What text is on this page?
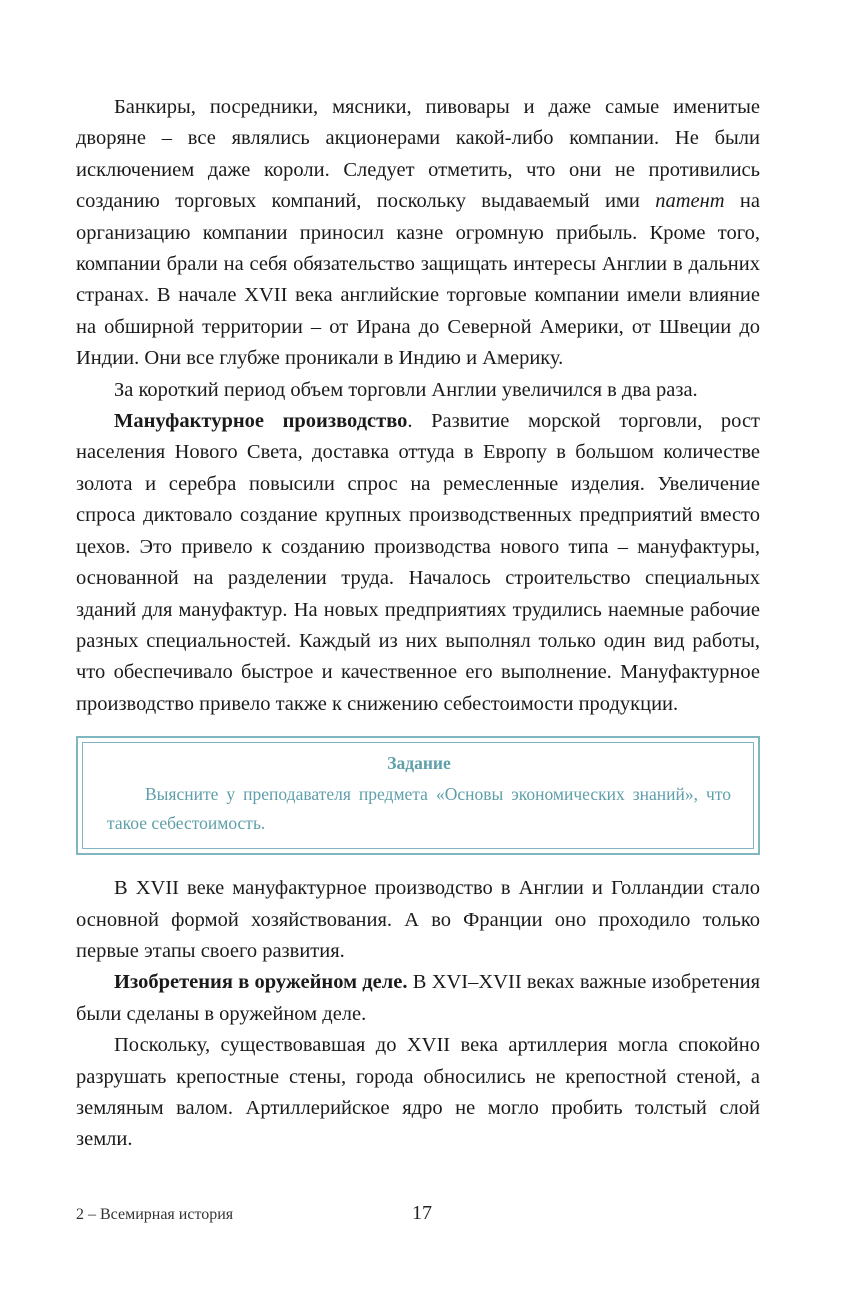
Банкиры, посредники, мясники, пивовары и даже самые именитые дворяне – все являлись акционерами какой-либо компании. Не были исключением даже короли. Следует отметить, что они не противились созданию торговых компаний, поскольку выдаваемый ими патент на организацию компании приносил казне огромную прибыль. Кроме того, компании брали на себя обязательство защищать интересы Англии в дальних странах. В начале XVII века английские торговые компании имели влияние на обширной территории – от Ирана до Северной Америки, от Швеции до Индии. Они все глубже проникали в Индию и Америку.

За короткий период объем торговли Англии увеличился в два раза.

Мануфактурное производство. Развитие морской торговли, рост населения Нового Света, доставка оттуда в Европу в большом количестве золота и серебра повысили спрос на ремесленные изделия. Увеличение спроса диктовало создание крупных производственных предприятий вместо цехов. Это привело к созданию производства нового типа – мануфактуры, основанной на разделении труда. Началось строительство специальных зданий для мануфактур. На новых предприятиях трудились наемные рабочие разных специальностей. Каждый из них выполнял только один вид работы, что обеспечивало быстрое и качественное его выполнение. Мануфактурное производство привело также к снижению себестоимости продукции.

Задание
Выясните у преподавателя предмета «Основы экономических знаний», что такое себестоимость.

В XVII веке мануфактурное производство в Англии и Голландии стало основной формой хозяйствования. А во Франции оно проходило только первые этапы своего развития.

Изобретения в оружейном деле. В XVI–XVII веках важные изобретения были сделаны в оружейном деле.

Поскольку, существовавшая до XVII века артиллерия могла спокойно разрушать крепостные стены, города обносились не крепостной стеной, а земляным валом. Артиллерийское ядро не могло пробить толстый слой земли.

2 – Всемирная история	17
